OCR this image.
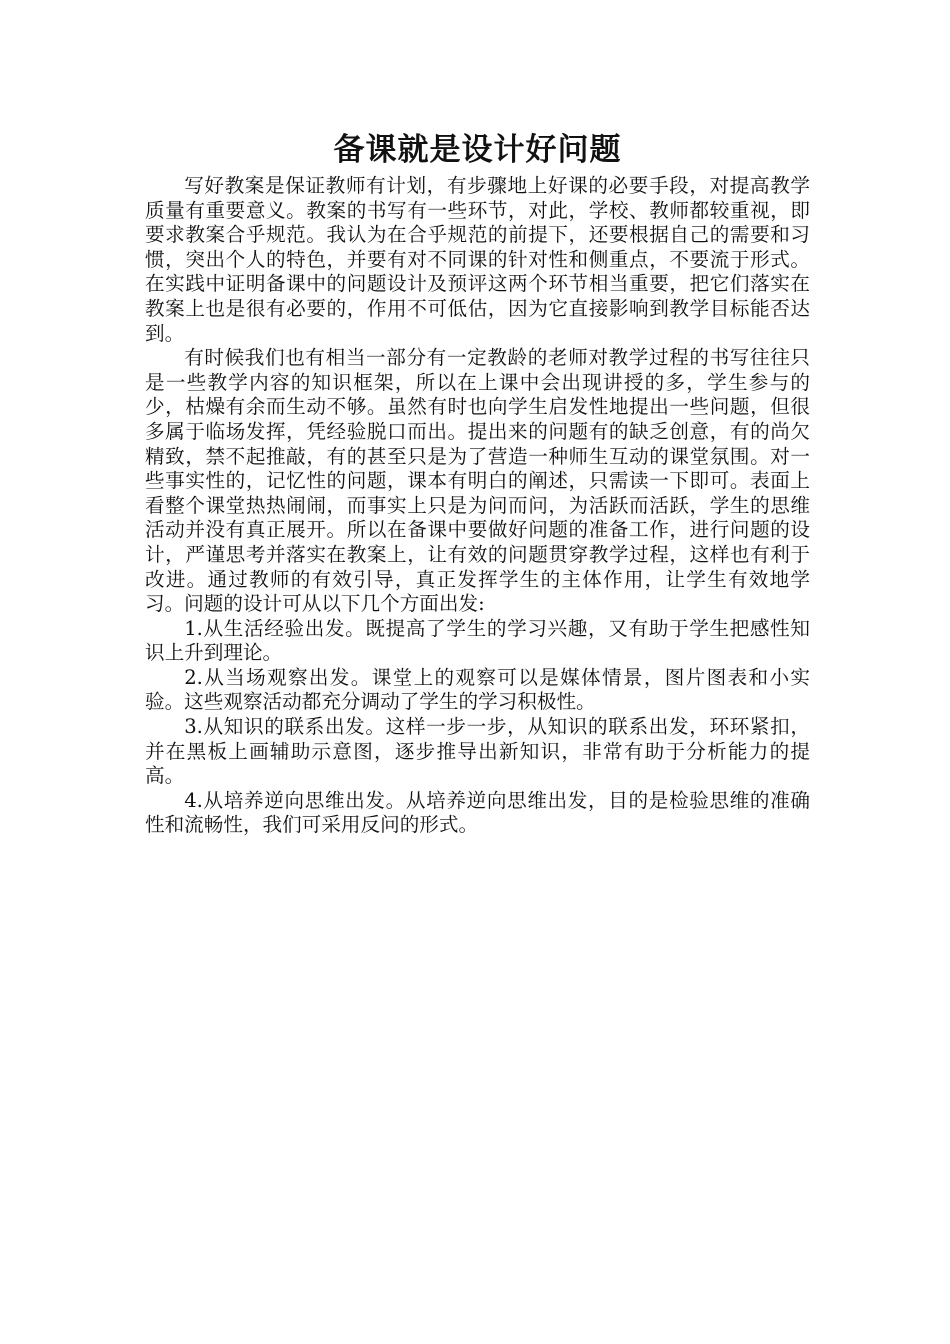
备课就是设计好问题

写好教案是保证教师有计划，有步骤地上好课的必要手段，对提高教学质量有重要意义。教案的书写有一些环节，对此，学校、教师都较重视，即要求教案合乎规范。我认为在合乎规范的前提下，还要根据自己的需要和习惯，突出个人的特色，并要有对不同课的针对性和侧重点，不要流于形式。在实践中证明备课中的问题设计及预评这两个环节相当重要，把它们落实在教案上也是很有必要的，作用不可低估，因为它直接影响到教学目标能否达到。

有时候我们也有相当一部分有一定教龄的老师对教学过程的书写往往只是一些教学内容的知识框架，所以在上课中会出现讲授的多，学生参与的少，枯燥有余而生动不够。虽然有时也向学生启发性地提出一些问题，但很多属于临场发挥，凭经验脱口而出。提出来的问题有的缺乏创意，有的尚欠精致，禁不起推敲，有的甚至只是为了营造一种师生互动的课堂氛围。对一些事实性的，记忆性的问题，课本有明白的阐述，只需读一下即可。表面上看整个课堂热热闹闹，而事实上只是为问而问，为活跃而活跃，学生的思维活动并没有真正展开。所以在备课中要做好问题的准备工作，进行问题的设计，严谨思考并落实在教案上，让有效的问题贯穿教学过程，这样也有利于改进。通过教师的有效引导，真正发挥学生的主体作用，让学生有效地学习。问题的设计可从以下几个方面出发:

1.从生活经验出发。既提高了学生的学习兴趣，又有助于学生把感性知识上升到理论。

2.从当场观察出发。课堂上的观察可以是媒体情景，图片图表和小实验。这些观察活动都充分调动了学生的学习积极性。

3.从知识的联系出发。这样一步一步，从知识的联系出发，环环紧扣，并在黑板上画辅助示意图，逐步推导出新知识，非常有助于分析能力的提高。

4.从培养逆向思维出发。从培养逆向思维出发，目的是检验思维的准确性和流畅性，我们可采用反问的形式。
